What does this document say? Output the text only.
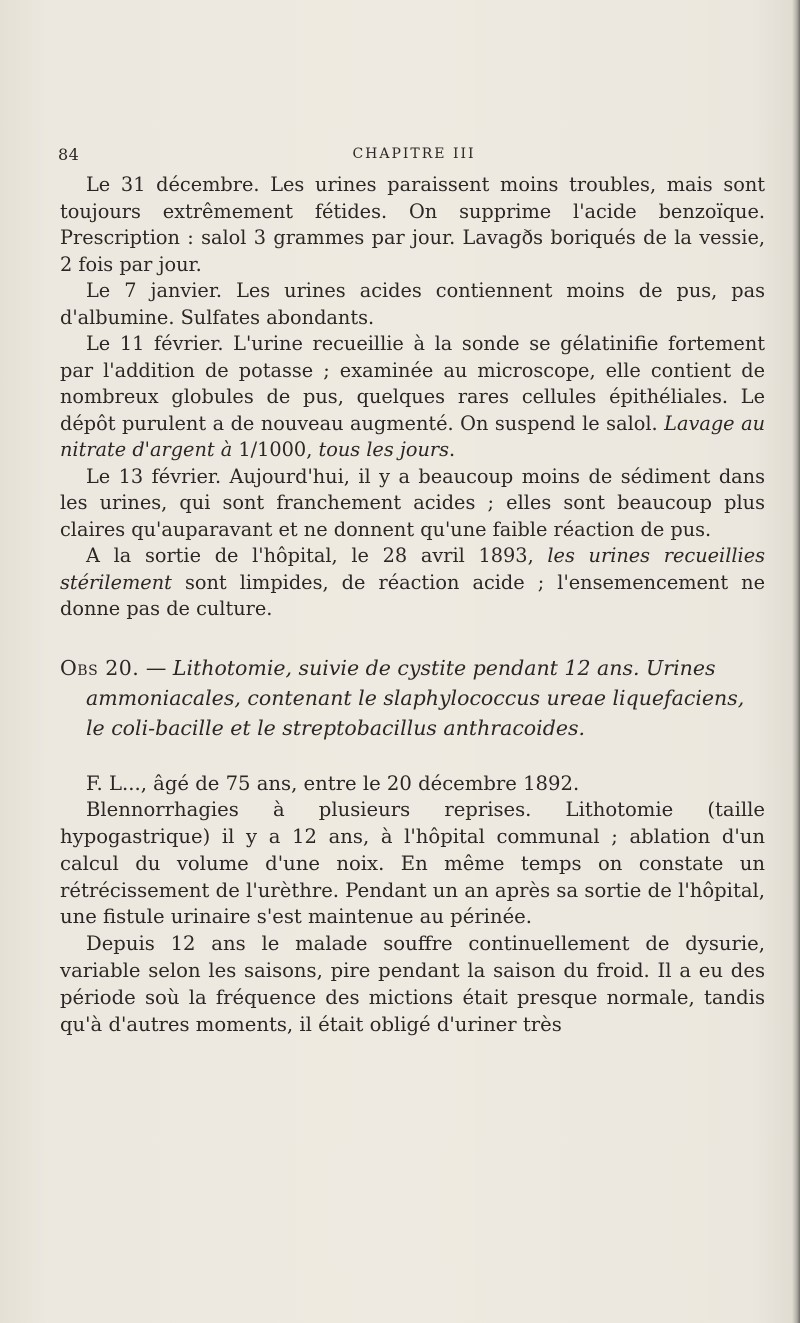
84	CHAPITRE III

Le 31 décembre. Les urines paraissent moins troubles, mais sont toujours extrêmement fétides. On supprime l'acide benzoïque. Prescription : salol 3 grammes par jour. Lavagðs boriqués de la vessie, 2 fois par jour.

Le 7 janvier. Les urines acides contiennent moins de pus, pas d'albumine. Sulfates abondants.

Le 11 février. L'urine recueillie à la sonde se gélatinifie fortement par l'addition de potasse ; examinée au microscope, elle contient de nombreux globules de pus, quelques rares cellules épithéliales. Le dépôt purulent a de nouveau augmenté. On suspend le salol. Lavage au nitrate d'argent à 1/1000, tous les jours.

Le 13 février. Aujourd'hui, il y a beaucoup moins de sédiment dans les urines, qui sont franchement acides ; elles sont beaucoup plus claires qu'auparavant et ne donnent qu'une faible réaction de pus.

A la sortie de l'hôpital, le 28 avril 1893, les urines recueillies stérilement sont limpides, de réaction acide ; l'ensemencement ne donne pas de culture.

Obs 20. — Lithotomie, suivie de cystite pendant 12 ans. Urines ammoniacales, contenant le slaphylococcus ureae liquefaciens, le coli-bacille et le streptobacillus anthracoides.

F. L..., âgé de 75 ans, entre le 20 décembre 1892.

Blennorrhagies à plusieurs reprises. Lithotomie (taille hypogastrique) il y a 12 ans, à l'hôpital communal ; ablation d'un calcul du volume d'une noix. En même temps on constate un rétrécissement de l'urèthre. Pendant un an après sa sortie de l'hôpital, une fistule urinaire s'est maintenue au périnée.

Depuis 12 ans le malade souffre continuellement de dysurie, variable selon les saisons, pire pendant la saison du froid. Il a eu des période soù la fréquence des mictions était presque normale, tandis qu'à d'autres moments, il était obligé d'uriner très
